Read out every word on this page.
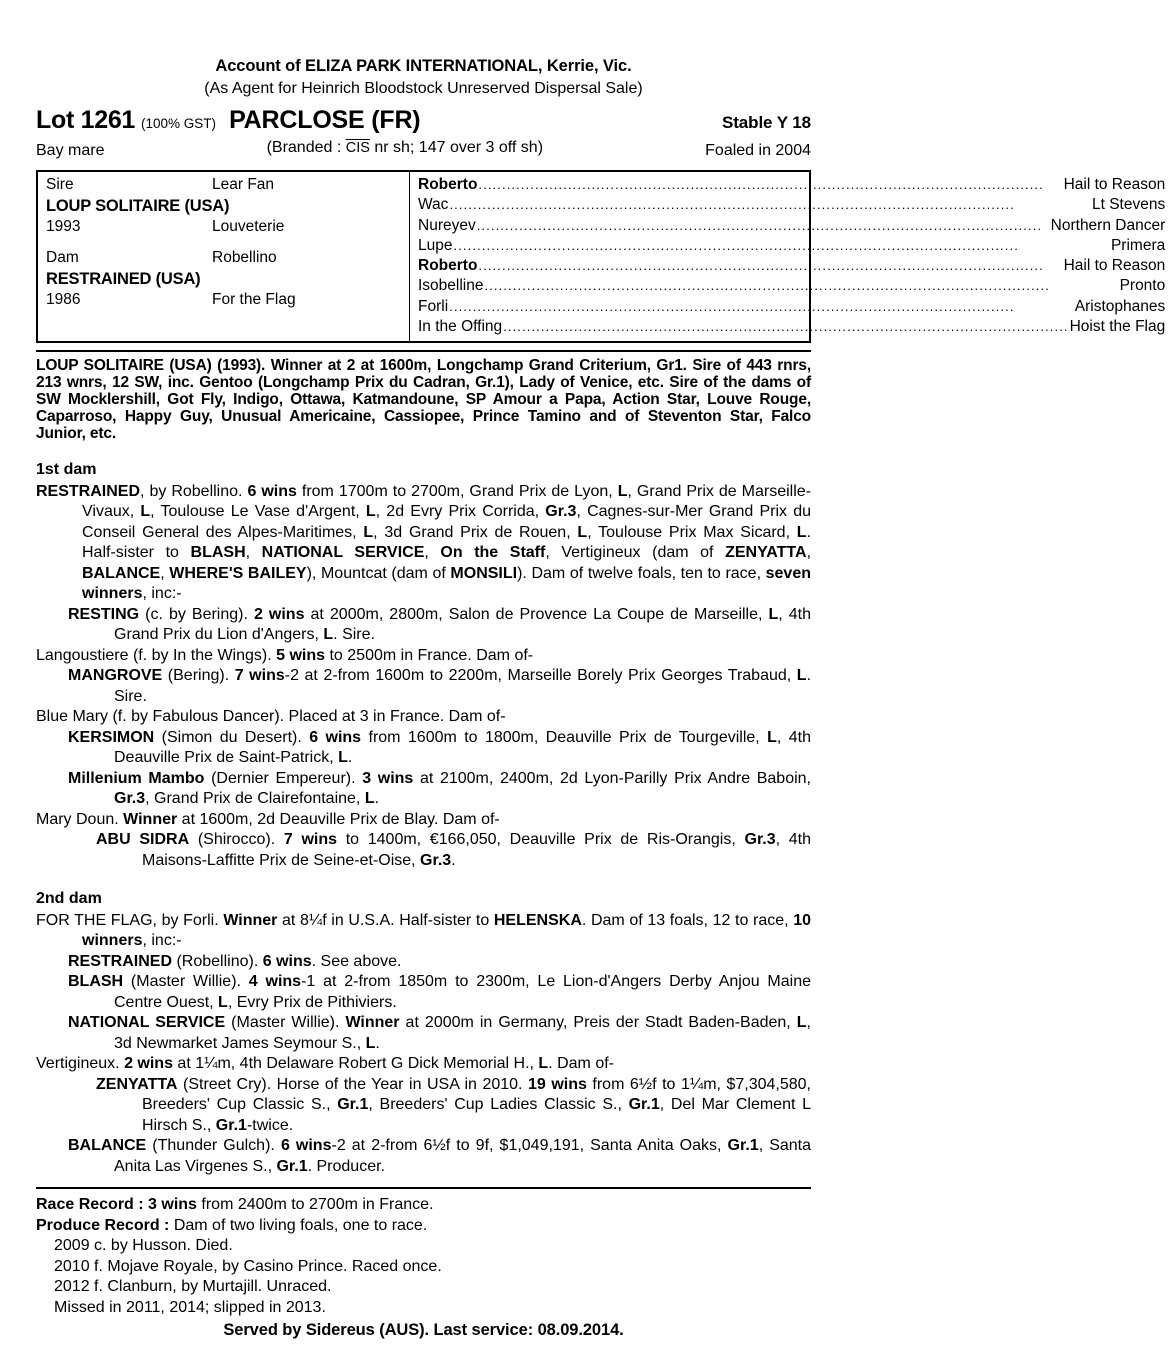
Account of ELIZA PARK INTERNATIONAL, Kerrie, Vic.
(As Agent for Heinrich Bloodstock Unreserved Dispersal Sale)
Lot 1261 (100% GST) PARCLOSE (FR)	Stable Y 18
Bay mare	(Branded : $\overline{CIS}$ nr sh; 147 over 3 off sh)	Foaled in 2004
Sire	Lear Fan
LOUP SOLITAIRE (USA)
1993	Louveterie
Dam	Robellino
RESTRAINED (USA)
1986	For the Flag
Roberto ........................................................................................................................	Hail to Reason
Wac ........................................................................................................................	Lt Stevens
Nureyev ........................................................................................................................ Northern Dancer
Lupe ........................................................................................................................	Primera
Roberto ........................................................................................................................	Hail to Reason
Isobelline ........................................................................................................................	Pronto
Forli ........................................................................................................................	Aristophanes
In the Offing ........................................................................................................................ Hoist the Flag
LOUP SOLITAIRE (USA) (1993). Winner at 2 at 1600m, Longchamp Grand Criterium, Gr1. Sire of 443 rnrs, 213 wnrs, 12 SW, inc. Gentoo (Longchamp Prix du Cadran, Gr.1), Lady of Venice, etc. Sire of the dams of SW Mocklershill, Got Fly, Indigo, Ottawa, Katmandoune, SP Amour a Papa, Action Star, Louve Rouge, Caparroso, Happy Guy, Unusual Americaine, Cassiopee, Prince Tamino and of Steventon Star, Falco Junior, etc.
1st dam
RESTRAINED, by Robellino. 6 wins from 1700m to 2700m, Grand Prix de Lyon, L, Grand Prix de Marseille-Vivaux, L, Toulouse Le Vase d'Argent, L, 2d Evry Prix Corrida, Gr.3, Cagnes-sur-Mer Grand Prix du Conseil General des Alpes-Maritimes, L, 3d Grand Prix de Rouen, L, Toulouse Prix Max Sicard, L. Half-sister to BLASH, NATIONAL SERVICE, On the Staff, Vertigineux (dam of ZENYATTA, BALANCE, WHERE'S BAILEY), Mountcat (dam of MONSILI). Dam of twelve foals, ten to race, seven winners, inc:-
RESTING (c. by Bering). 2 wins at 2000m, 2800m, Salon de Provence La Coupe de Marseille, L, 4th Grand Prix du Lion d'Angers, L. Sire.
Langoustiere (f. by In the Wings). 5 wins to 2500m in France. Dam of-
MANGROVE (Bering). 7 wins-2 at 2-from 1600m to 2200m, Marseille Borely Prix Georges Trabaud, L. Sire.
Blue Mary (f. by Fabulous Dancer). Placed at 3 in France. Dam of-
KERSIMON (Simon du Desert). 6 wins from 1600m to 1800m, Deauville Prix de Tourgeville, L, 4th Deauville Prix de Saint-Patrick, L.
Millenium Mambo (Dernier Empereur). 3 wins at 2100m, 2400m, 2d Lyon-Parilly Prix Andre Baboin, Gr.3, Grand Prix de Clairefontaine, L.
Mary Doun. Winner at 1600m, 2d Deauville Prix de Blay. Dam of-
ABU SIDRA (Shirocco). 7 wins to 1400m, €166,050, Deauville Prix de Ris-Orangis, Gr.3, 4th Maisons-Laffitte Prix de Seine-et-Oise, Gr.3.
2nd dam
FOR THE FLAG, by Forli. Winner at 8¼f in U.S.A. Half-sister to HELENSKA. Dam of 13 foals, 12 to race, 10 winners, inc:-
RESTRAINED (Robellino). 6 wins. See above.
BLASH (Master Willie). 4 wins-1 at 2-from 1850m to 2300m, Le Lion-d'Angers Derby Anjou Maine Centre Ouest, L, Evry Prix de Pithiviers.
NATIONAL SERVICE (Master Willie). Winner at 2000m in Germany, Preis der Stadt Baden-Baden, L, 3d Newmarket James Seymour S., L.
Vertigineux. 2 wins at 1¼m, 4th Delaware Robert G Dick Memorial H., L. Dam of-
ZENYATTA (Street Cry). Horse of the Year in USA in 2010. 19 wins from 6½f to 1¼m, $7,304,580, Breeders' Cup Classic S., Gr.1, Breeders' Cup Ladies Classic S., Gr.1, Del Mar Clement L Hirsch S., Gr.1-twice.
BALANCE (Thunder Gulch). 6 wins-2 at 2-from 6½f to 9f, $1,049,191, Santa Anita Oaks, Gr.1, Santa Anita Las Virgenes S., Gr.1. Producer.
Race Record : 3 wins from 2400m to 2700m in France.
Produce Record : Dam of two living foals, one to race.
2009 c. by Husson. Died.
2010 f. Mojave Royale, by Casino Prince. Raced once.
2012 f. Clanburn, by Murtajill. Unraced.
Missed in 2011, 2014; slipped in 2013.
Served by Sidereus (AUS). Last service: 08.09.2014.
